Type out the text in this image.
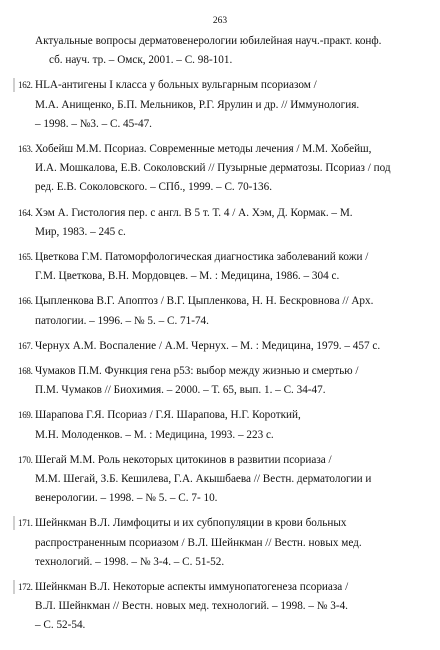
263
Актуальные вопросы дерматовенерологии юбилейная науч.-практ. конф.
сб. науч. тр. – Омск, 2001. – С. 98-101.
162. HLA-антигены I класса у больных вульгарным псориазом /
М.А. Анищенко, Б.П. Мельников, Р.Г. Ярулин и др. // Иммунология.
– 1998. – №3. – С. 45-47.
163. Хобейш М.М. Псориаз. Современные методы лечения / М.М. Хобейш,
И.А. Мошкалова, Е.В. Соколовский // Пузырные дерматозы. Псориаз / под
ред. Е.В. Соколовского. – СПб., 1999. – С. 70-136.
164. Хэм А. Гистология пер. с англ. В 5 т. Т. 4 / А. Хэм, Д. Кормак. – М.
Мир, 1983. – 245 с.
165. Цветкова Г.М. Патоморфологическая диагностика заболеваний кожи /
Г.М. Цветкова, В.Н. Мордовцев. – М. : Медицина, 1986. – 304 с.
166. Цыпленкова В.Г. Апоптоз / В.Г. Цыпленкова, Н. Н. Бескровнова // Арх.
патологии. – 1996. – № 5. – С. 71-74.
167. Чернух А.М. Воспаление / А.М. Чернух. – М. : Медицина, 1979. – 457 с.
168. Чумаков П.М. Функция гена p53: выбор между жизнью и смертью /
П.М. Чумаков // Биохимия. – 2000. – Т. 65, вып. 1. – С. 34-47.
169. Шарапова Г.Я. Псориаз / Г.Я. Шарапова, Н.Г. Короткий,
М.Н. Молоденков. – М. : Медицина, 1993. – 223 с.
170. Шегай М.М. Роль некоторых цитокинов в развитии псориаза /
М.М. Шегай, З.Б. Кешилева, Г.А. Акышбаева // Вестн. дерматологии и
венерологии. – 1998. – № 5. – С. 7- 10.
171. Шейнкман В.Л. Лимфоциты и их субпопуляции в крови больных
распространенным псориазом / В.Л. Шейнкман // Вестн. новых мед.
технологий. – 1998. – № 3-4. – С. 51-52.
172. Шейнкман В.Л. Некоторые аспекты иммунопатогенеза псориаза /
В.Л. Шейнкман // Вестн. новых мед. технологий. – 1998. – № 3-4.
– С. 52-54.
